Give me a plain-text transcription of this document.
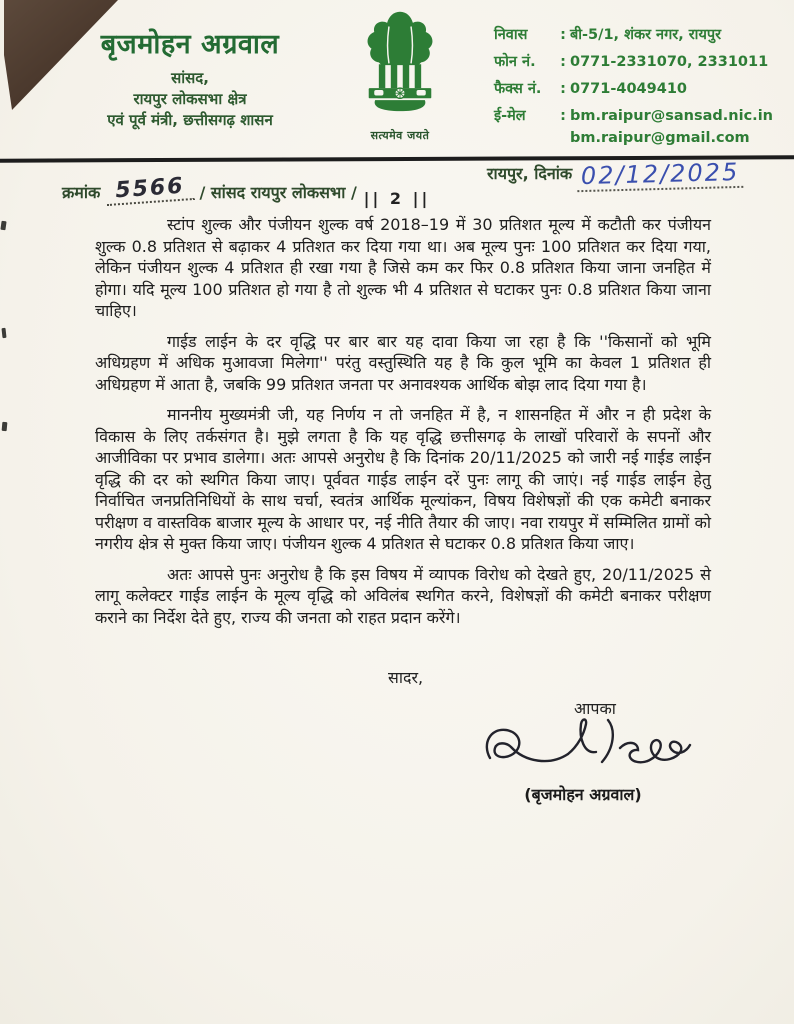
बृजमोहन अग्रवाल
सांसद,
रायपुर लोकसभा क्षेत्र
एवं पूर्व मंत्री, छत्तीसगढ़ शासन
सत्यमेव जयते
निवास	: बी-5/1, शंकर नगर, रायपुर
फोन नं.	: 0771-2331070, 2331011
फैक्स नं.	: 0771-4049410
ई-मेल	: bm.raipur@sansad.nic.in
bm.raipur@gmail.com
क्रमांक 5566 / सांसद रायपुर लोकसभा /
रायपुर, दिनांक 02/12/2025
|| 2 ||

स्टांप शुल्क और पंजीयन शुल्क वर्ष 2018–19 में 30 प्रतिशत मूल्य में कटौती कर पंजीयन शुल्क 0.8 प्रतिशत से बढ़ाकर 4 प्रतिशत कर दिया गया था। अब मूल्य पुनः 100 प्रतिशत कर दिया गया, लेकिन पंजीयन शुल्क 4 प्रतिशत ही रखा गया है जिसे कम कर फिर 0.8 प्रतिशत किया जाना जनहित में होगा। यदि मूल्य 100 प्रतिशत हो गया है तो शुल्क भी 4 प्रतिशत से घटाकर पुनः 0.8 प्रतिशत किया जाना चाहिए।

गाईड लाईन के दर वृद्धि पर बार बार यह दावा किया जा रहा है कि ''किसानों को भूमि अधिग्रहण में अधिक मुआवजा मिलेगा'' परंतु वस्तुस्थिति यह है कि कुल भूमि का केवल 1 प्रतिशत ही अधिग्रहण में आता है, जबकि 99 प्रतिशत जनता पर अनावश्यक आर्थिक बोझ लाद दिया गया है।

माननीय मुख्यमंत्री जी, यह निर्णय न तो जनहित में है, न शासनहित में और न ही प्रदेश के विकास के लिए तर्कसंगत है। मुझे लगता है कि यह वृद्धि छत्तीसगढ़ के लाखों परिवारों के सपनों और आजीविका पर प्रभाव डालेगा। अतः आपसे अनुरोध है कि दिनांक 20/11/2025 को जारी नई गाईड लाईन वृद्धि की दर को स्थगित किया जाए। पूर्ववत गाईड लाईन दरें पुनः लागू की जाएं। नई गाईड लाईन हेतु निर्वाचित जनप्रतिनिधियों के साथ चर्चा, स्वतंत्र आर्थिक मूल्यांकन, विषय विशेषज्ञों की एक कमेटी बनाकर परीक्षण व वास्तविक बाजार मूल्य के आधार पर, नई नीति तैयार की जाए। नवा रायपुर में सम्मिलित ग्रामों को नगरीय क्षेत्र से मुक्त किया जाए। पंजीयन शुल्क 4 प्रतिशत से घटाकर 0.8 प्रतिशत किया जाए।

अतः आपसे पुनः अनुरोध है कि इस विषय में व्यापक विरोध को देखते हुए, 20/11/2025 से लागू कलेक्टर गाईड लाईन के मूल्य वृद्धि को अविलंब स्थगित करने, विशेषज्ञों की कमेटी बनाकर परीक्षण कराने का निर्देश देते हुए, राज्य की जनता को राहत प्रदान करेंगे।

सादर,
आपका
(बृजमोहन अग्रवाल)
